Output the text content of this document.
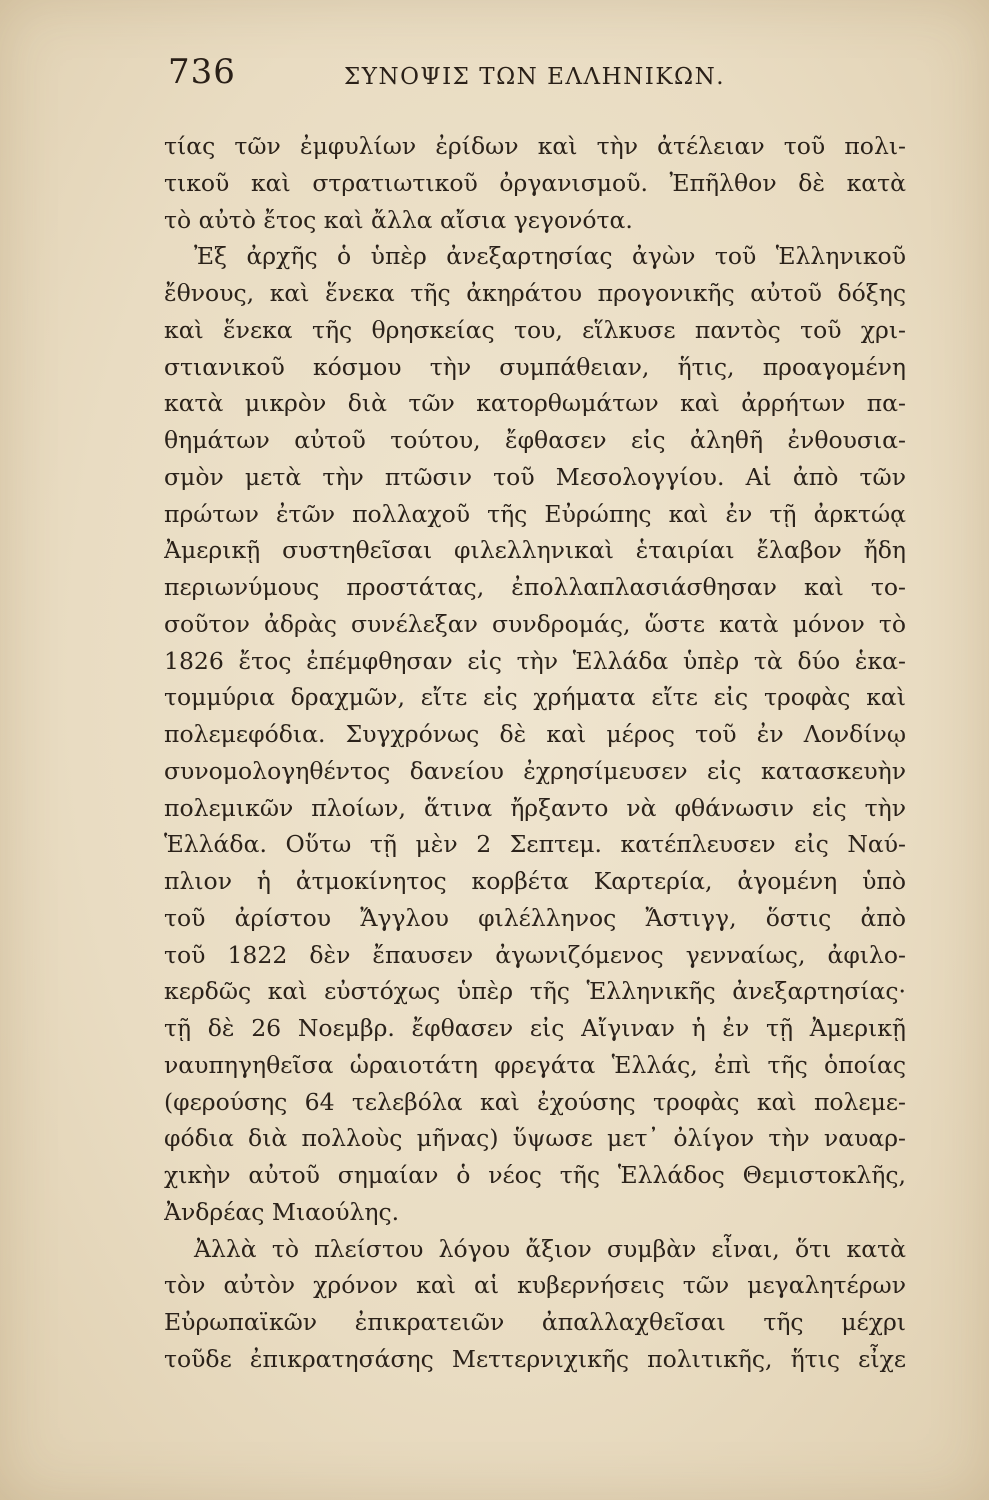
736	ΣΥΝΟΨΙΣ ΤΩΝ ΕΛΛΗΝΙΚΩΝ.
τίας τῶν ἐμφυλίων ἐρίδων καὶ τὴν ἀτέλειαν τοῦ πολι-
τικοῦ καὶ στρατιωτικοῦ ὀργανισμοῦ. Ἐπῆλθον δὲ κατὰ
τὸ αὐτὸ ἔτος καὶ ἄλλα αἴσια γεγονότα.
Ἐξ ἀρχῆς ὁ ὑπὲρ ἀνεξαρτησίας ἀγὼν τοῦ Ἑλληνικοῦ
ἔθνους, καὶ ἕνεκα τῆς ἀκηράτου προγονικῆς αὐτοῦ δόξης
καὶ ἕνεκα τῆς θρησκείας του, εἵλκυσε παντὸς τοῦ χρι-
στιανικοῦ κόσμου τὴν συμπάθειαν, ἥτις, προαγομένη
κατὰ μικρὸν διὰ τῶν κατορθωμάτων καὶ ἀρρήτων πα-
θημάτων αὐτοῦ τούτου, ἔφθασεν εἰς ἀληθῆ ἐνθουσια-
σμὸν μετὰ τὴν πτῶσιν τοῦ Μεσολογγίου. Αἱ ἀπὸ τῶν
πρώτων ἐτῶν πολλαχοῦ τῆς Εὐρώπης καὶ ἐν τῇ ἀρκτώᾳ
Ἀμερικῇ συστηθεῖσαι φιλελληνικαὶ ἑταιρίαι ἔλαβον ἤδη
περιωνύμους προστάτας, ἐπολλαπλασιάσθησαν καὶ το-
σοῦτον ἀδρὰς συνέλεξαν συνδρομάς, ὥστε κατὰ μόνον τὸ
1826 ἔτος ἐπέμφθησαν εἰς τὴν Ἑλλάδα ὑπὲρ τὰ δύο ἑκα-
τομμύρια δραχμῶν, εἴτε εἰς χρήματα εἴτε εἰς τροφὰς καὶ
πολεμεφόδια. Συγχρόνως δὲ καὶ μέρος τοῦ ἐν Λονδίνῳ
συνομολογηθέντος δανείου ἐχρησίμευσεν εἰς κατασκευὴν
πολεμικῶν πλοίων, ἅτινα ἤρξαντο νὰ φθάνωσιν εἰς τὴν
Ἑλλάδα. Οὕτω τῇ μὲν 2 Σεπτεμ. κατέπλευσεν εἰς Ναύ-
πλιον ἡ ἀτμοκίνητος κορβέτα Καρτερία, ἀγομένη ὑπὸ
τοῦ ἀρίστου Ἄγγλου φιλέλληνος Ἄστιγγ, ὅστις ἀπὸ
τοῦ 1822 δὲν ἔπαυσεν ἀγωνιζόμενος γενναίως, ἀφιλο-
κερδῶς καὶ εὐστόχως ὑπὲρ τῆς Ἑλληνικῆς ἀνεξαρτησίας·
τῇ δὲ 26 Νοεμβρ. ἔφθασεν εἰς Αἴγιναν ἡ ἐν τῇ Ἀμερικῇ
ναυπηγηθεῖσα ὡραιοτάτη φρεγάτα Ἑλλάς, ἐπὶ τῆς ὁποίας
(φερούσης 64 τελεβόλα καὶ ἐχούσης τροφὰς καὶ πολεμε-
φόδια διὰ πολλοὺς μῆνας) ὕψωσε μετ᾽ ὀλίγον τὴν ναυαρ-
χικὴν αὐτοῦ σημαίαν ὁ νέος τῆς Ἑλλάδος Θεμιστοκλῆς,
Ἀνδρέας Μιαούλης.
Ἀλλὰ τὸ πλείστου λόγου ἄξιον συμβὰν εἶναι, ὅτι κατὰ
τὸν αὐτὸν χρόνον καὶ αἱ κυβερνήσεις τῶν μεγαλητέρων
Εὐρωπαϊκῶν ἐπικρατειῶν ἀπαλλαχθεῖσαι τῆς μέχρι
τοῦδε ἐπικρατησάσης Μεττερνιχικῆς πολιτικῆς, ἥτις εἶχε
